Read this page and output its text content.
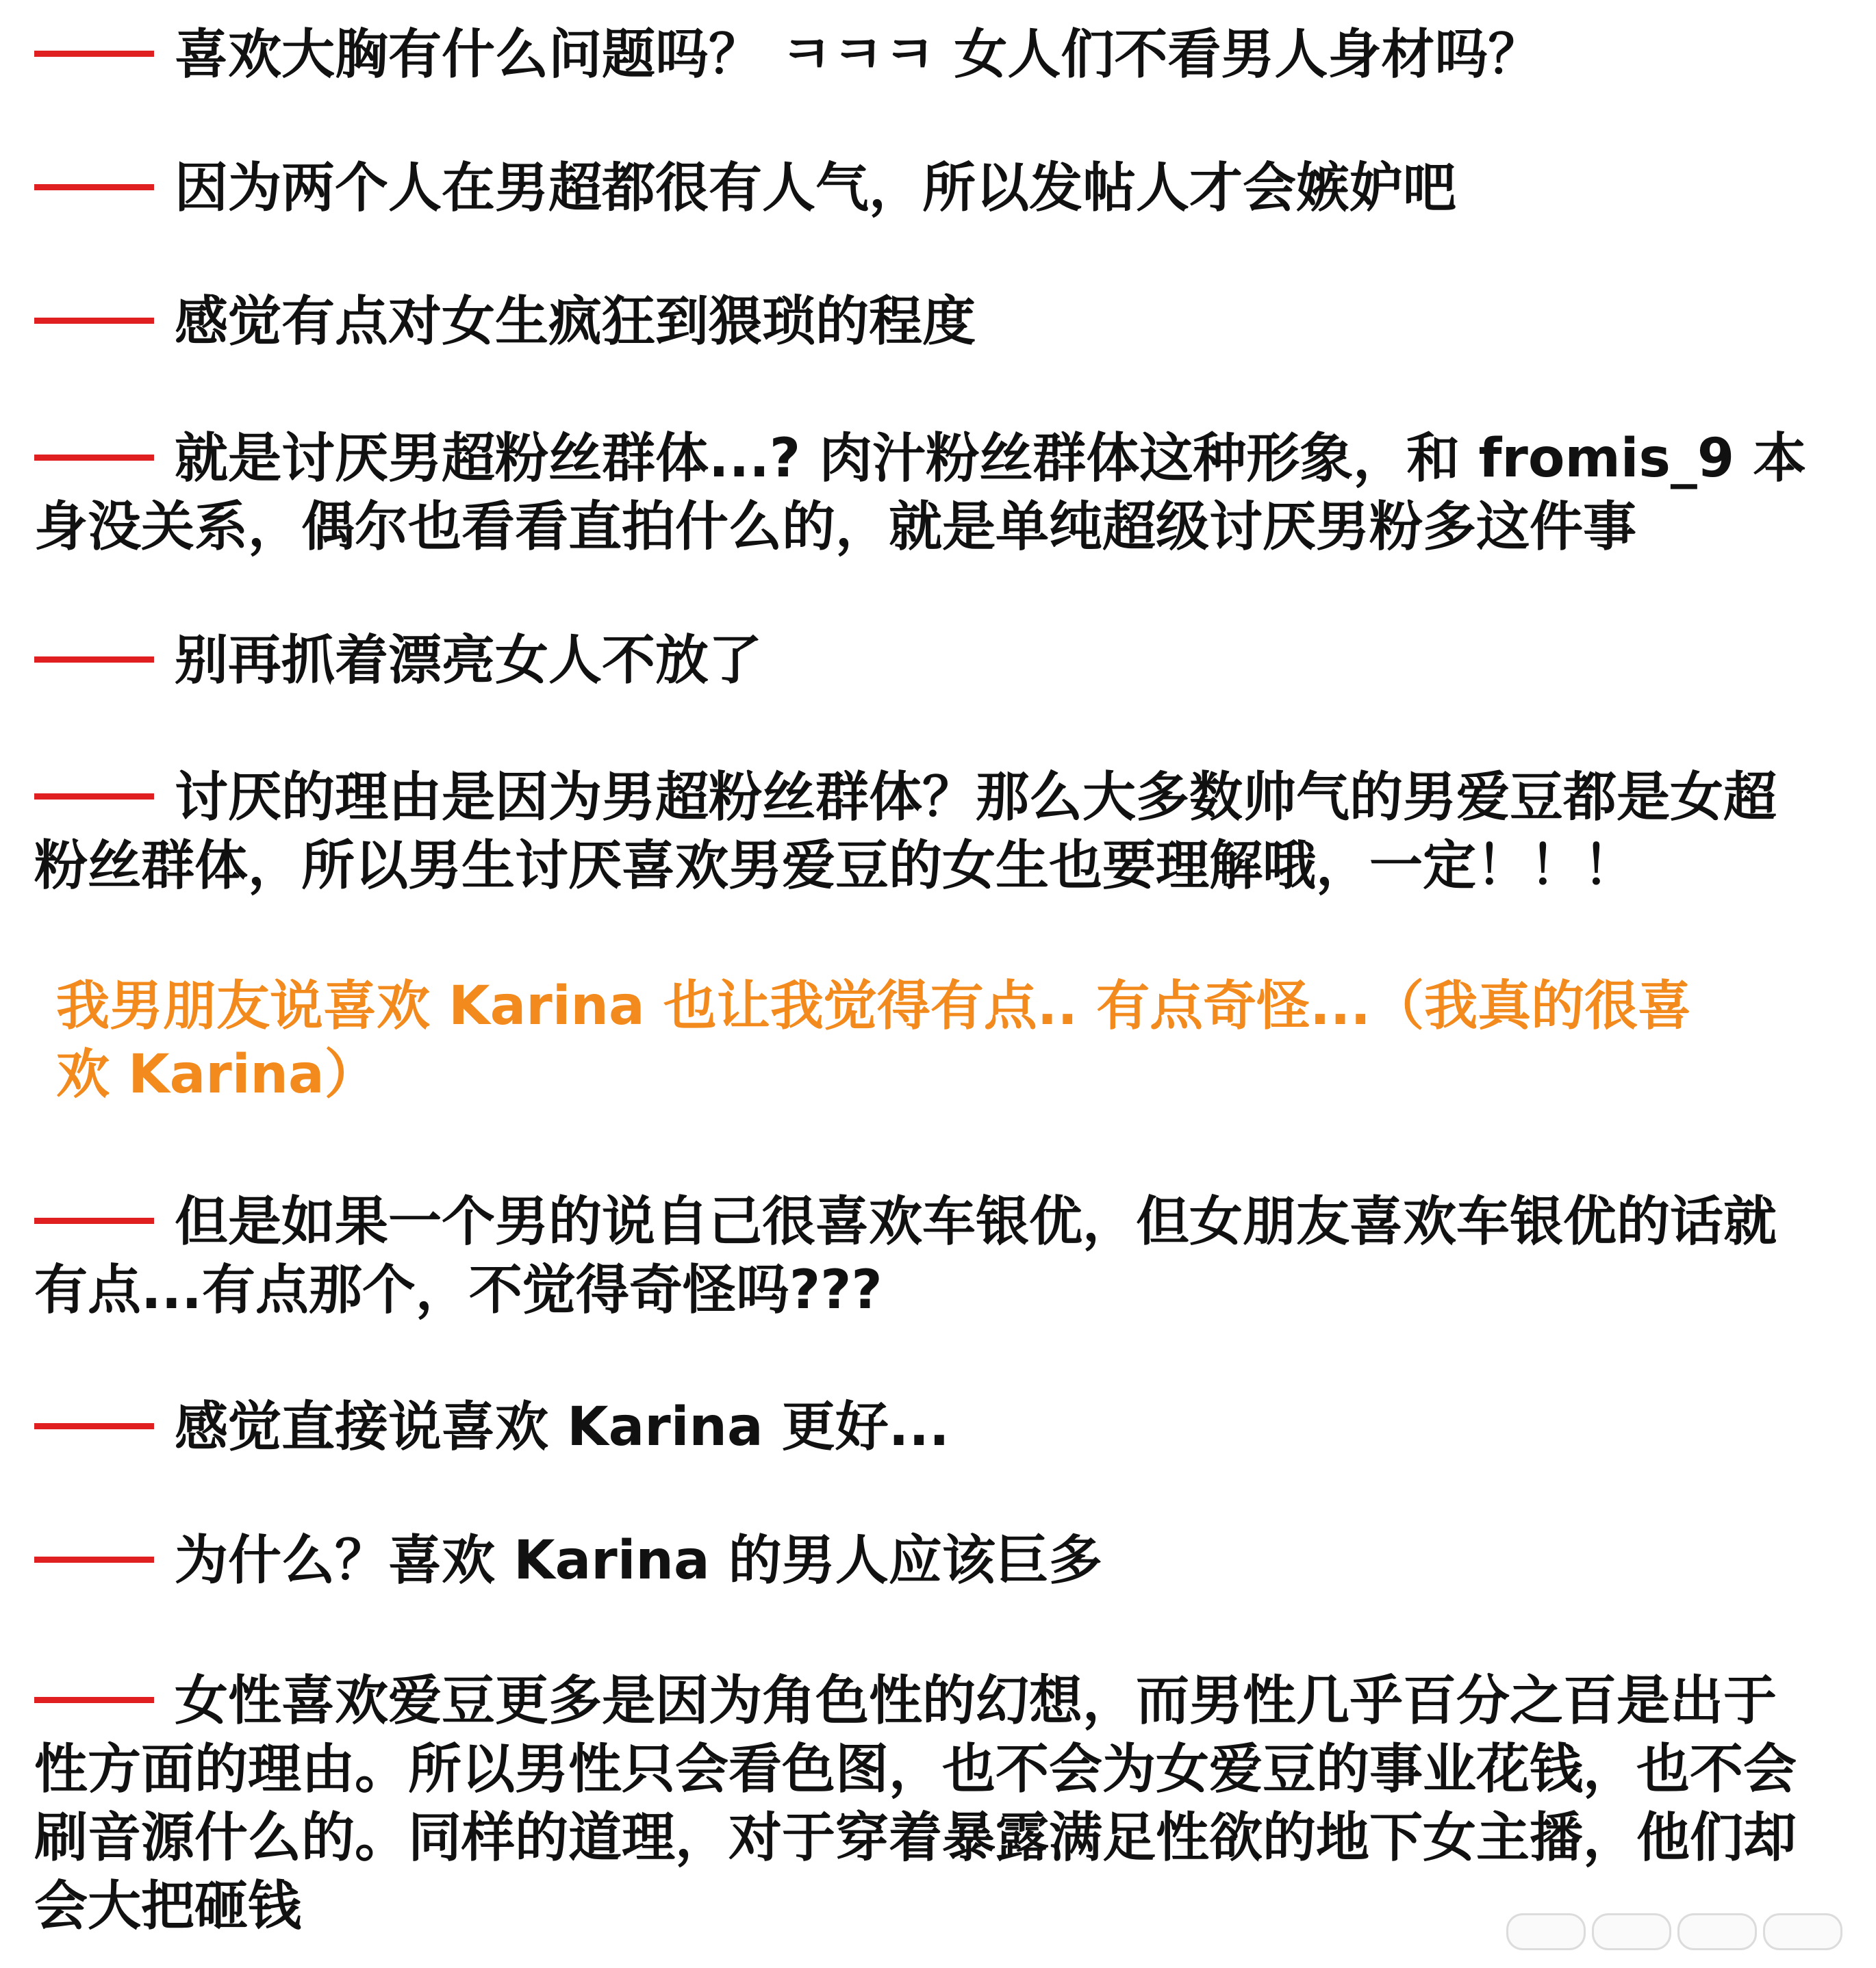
喜欢大胸有什么问题吗？ ㅋㅋㅋ 女人们不看男人身材吗？

因为两个人在男超都很有人气，所以发帖人才会嫉妒吧

感觉有点对女生疯狂到猥琐的程度

就是讨厌男超粉丝群体...? 肉汁粉丝群体这种形象，和 fromis_9 本身没关系，偶尔也看看直拍什么的，就是单纯超级讨厌男粉多这件事

别再抓着漂亮女人不放了

讨厌的理由是因为男超粉丝群体？那么大多数帅气的男爱豆都是女超粉丝群体，所以男生讨厌喜欢男爱豆的女生也要理解哦，一定！！！

我男朋友说喜欢 Karina 也让我觉得有点.. 有点奇怪...（我真的很喜欢 Karina）

但是如果一个男的说自己很喜欢车银优，但女朋友喜欢车银优的话就有点...有点那个，不觉得奇怪吗???

感觉直接说喜欢 Karina 更好...

为什么？喜欢 Karina 的男人应该巨多

女性喜欢爱豆更多是因为角色性的幻想，而男性几乎百分之百是出于性方面的理由。所以男性只会看色图，也不会为女爱豆的事业花钱，也不会刷音源什么的。同样的道理，对于穿着暴露满足性欲的地下女主播，他们却会大把砸钱
